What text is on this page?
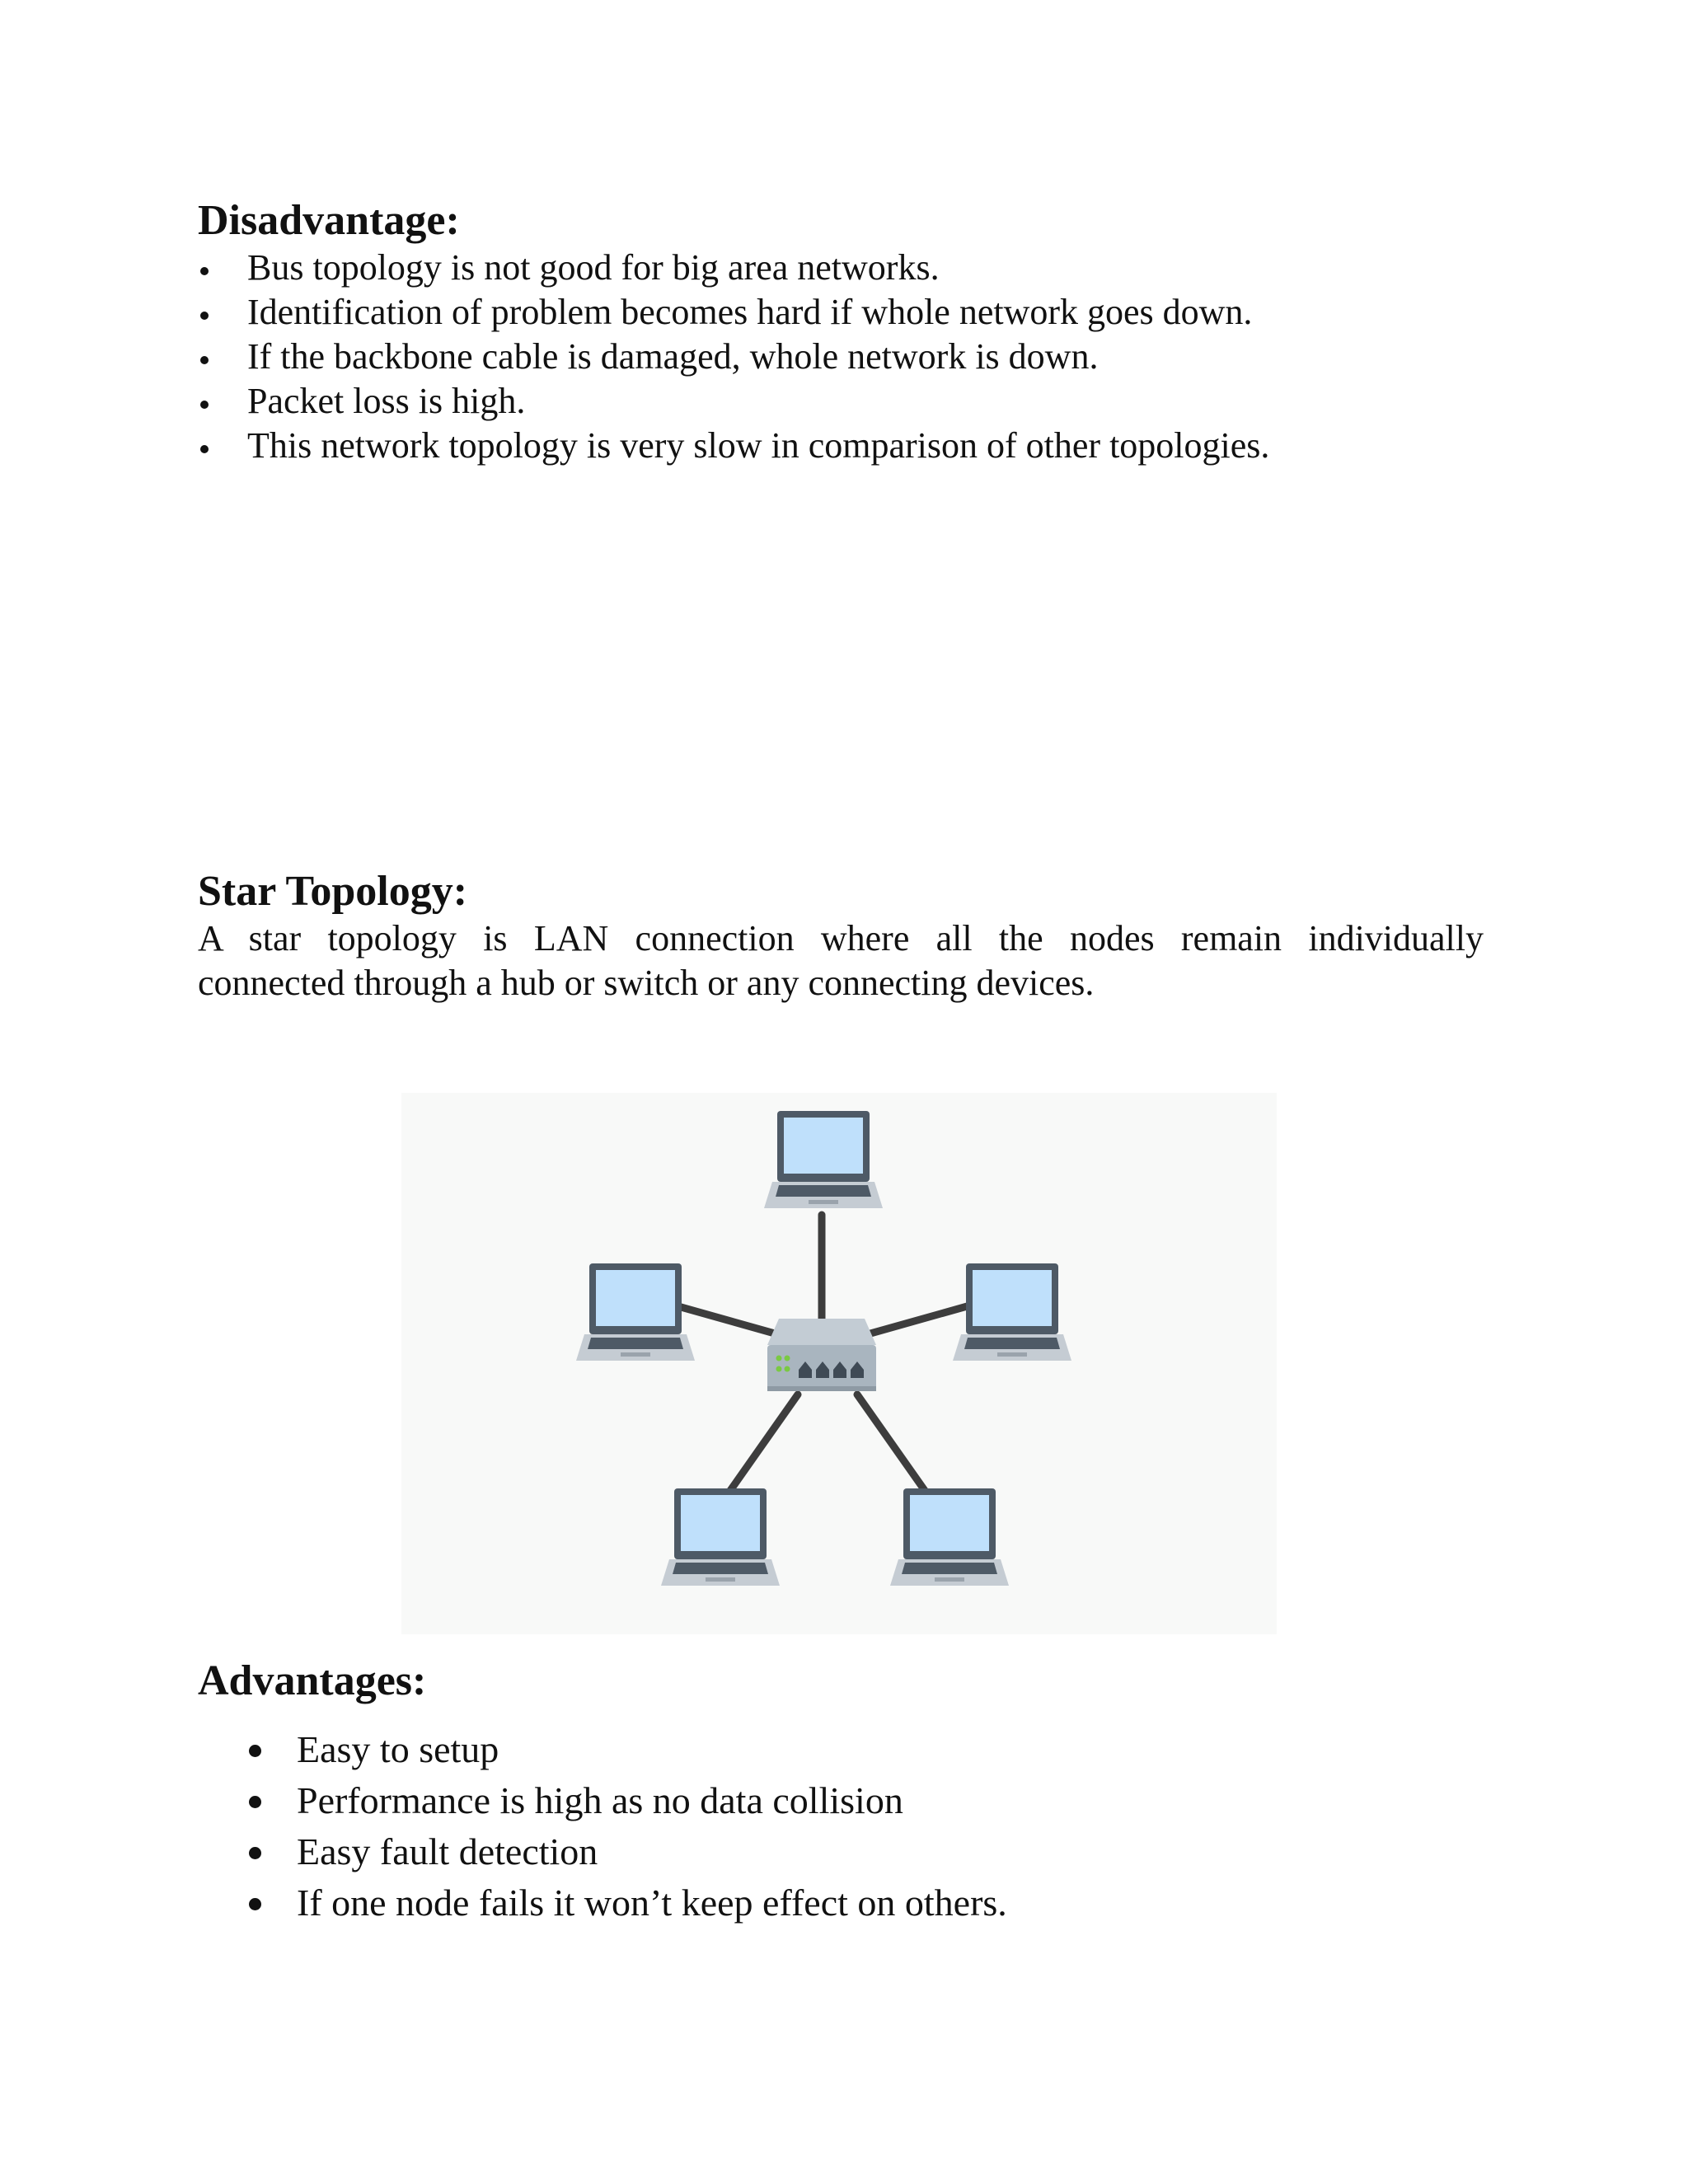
Disadvantage:
Bus topology is not good for big area networks.
Identification of problem becomes hard if whole network goes down.
If the backbone cable is damaged, whole network is down.
Packet loss is high.
This network topology is very slow in comparison of other topologies.
Star Topology:

A star topology is LAN connection where all the nodes remain individually
connected through a hub or switch or any connecting devices.

Advantages:
Easy to setup
Performance is high as no data collision
Easy fault detection
If one node fails it won’t keep effect on others.
